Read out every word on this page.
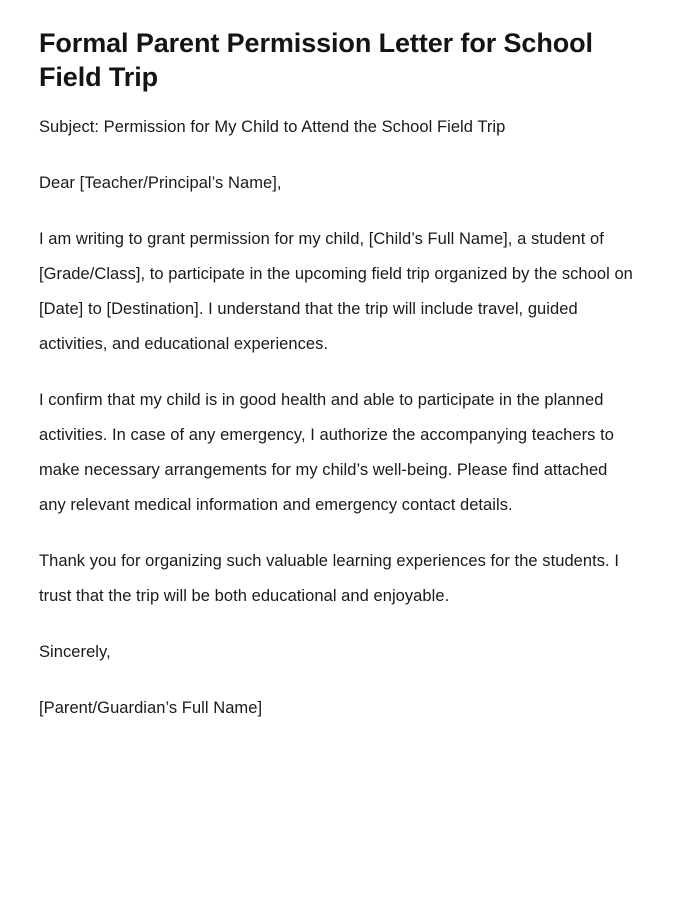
Formal Parent Permission Letter for School Field Trip

Subject: Permission for My Child to Attend the School Field Trip

Dear [Teacher/Principal’s Name],

I am writing to grant permission for my child, [Child’s Full Name], a student of [Grade/Class], to participate in the upcoming field trip organized by the school on [Date] to [Destination]. I understand that the trip will include travel, guided activities, and educational experiences.

I confirm that my child is in good health and able to participate in the planned activities. In case of any emergency, I authorize the accompanying teachers to make necessary arrangements for my child’s well-being. Please find attached any relevant medical information and emergency contact details.

Thank you for organizing such valuable learning experiences for the students. I trust that the trip will be both educational and enjoyable.

Sincerely,

[Parent/Guardian’s Full Name]
